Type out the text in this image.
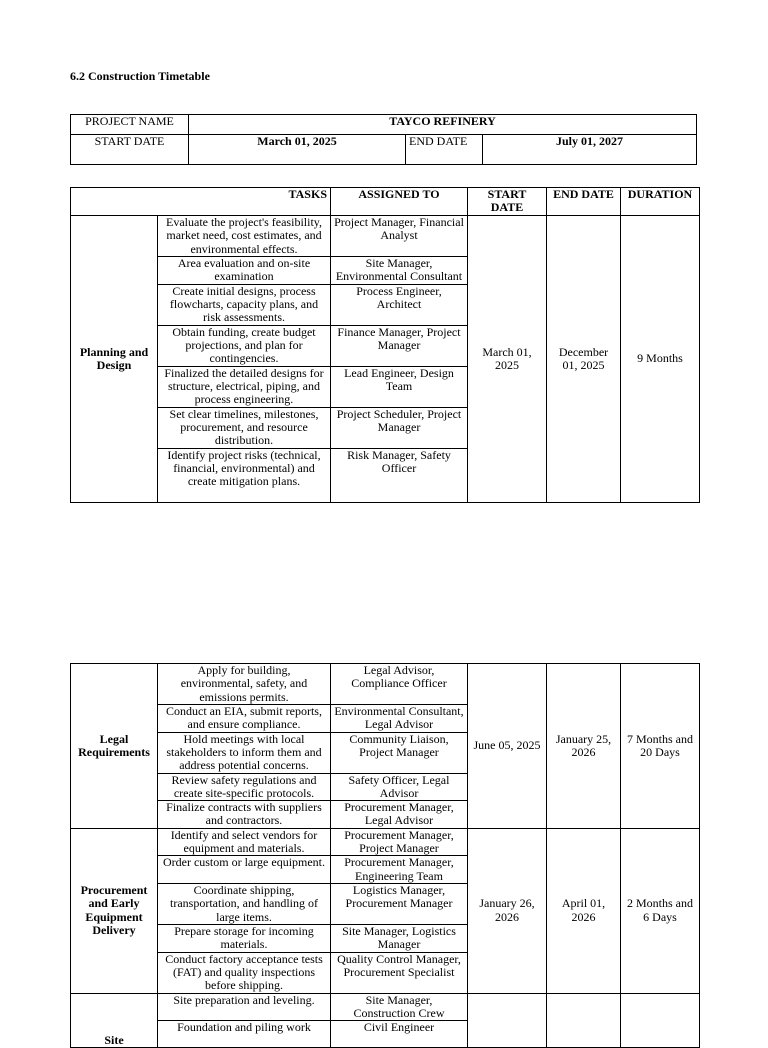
6.2 Construction Timetable
PROJECT NAME	TAYCO REFINERY		
START DATE	March 01, 2025	END DATE	July 01, 2027
TASKS		ASSIGNED TO	START DATE	END DATE	DURATION
Planning and Design	Evaluate the project's feasibility, market need, cost estimates, and environmental effects.	Project Manager, Financial Analyst	March 01, 2025	December 01, 2025	9 Months
	Area evaluation and on-site examination	Site Manager, Environmental Consultant			
	Create initial designs, process flowcharts, capacity plans, and risk assessments.	Process Engineer, Architect			
	Obtain funding, create budget projections, and plan for contingencies.	Finance Manager, Project Manager			
	Finalized the detailed designs for structure, electrical, piping, and process engineering.	Lead Engineer, Design Team			
	Set clear timelines, milestones, procurement, and resource distribution.	Project Scheduler, Project Manager			
	Identify project risks (technical, financial, environmental) and create mitigation plans.	Risk Manager, Safety Officer			
Legal Requirements	Apply for building, environmental, safety, and emissions permits.	Legal Advisor, Compliance Officer	June 05, 2025	January 25, 2026	7 Months and 20 Days
	Conduct an EIA, submit reports, and ensure compliance.	Environmental Consultant, Legal Advisor			
	Hold meetings with local stakeholders to inform them and address potential concerns.	Community Liaison, Project Manager			
	Review safety regulations and create site-specific protocols.	Safety Officer, Legal Advisor			
	Finalize contracts with suppliers and contractors.	Procurement Manager, Legal Advisor			
Procurement and Early Equipment Delivery	Identify and select vendors for equipment and materials.	Procurement Manager, Project Manager	January 26, 2026	April 01, 2026	2 Months and 6 Days
	Order custom or large equipment.	Procurement Manager, Engineering Team			
	Coordinate shipping, transportation, and handling of large items.	Logistics Manager, Procurement Manager			
	Prepare storage for incoming materials.	Site Manager, Logistics Manager			
	Conduct factory acceptance tests (FAT) and quality inspections before shipping.	Quality Control Manager, Procurement Specialist			
Site	Site preparation and leveling.	Site Manager, Construction Crew			
	Foundation and piling work	Civil Engineer			
